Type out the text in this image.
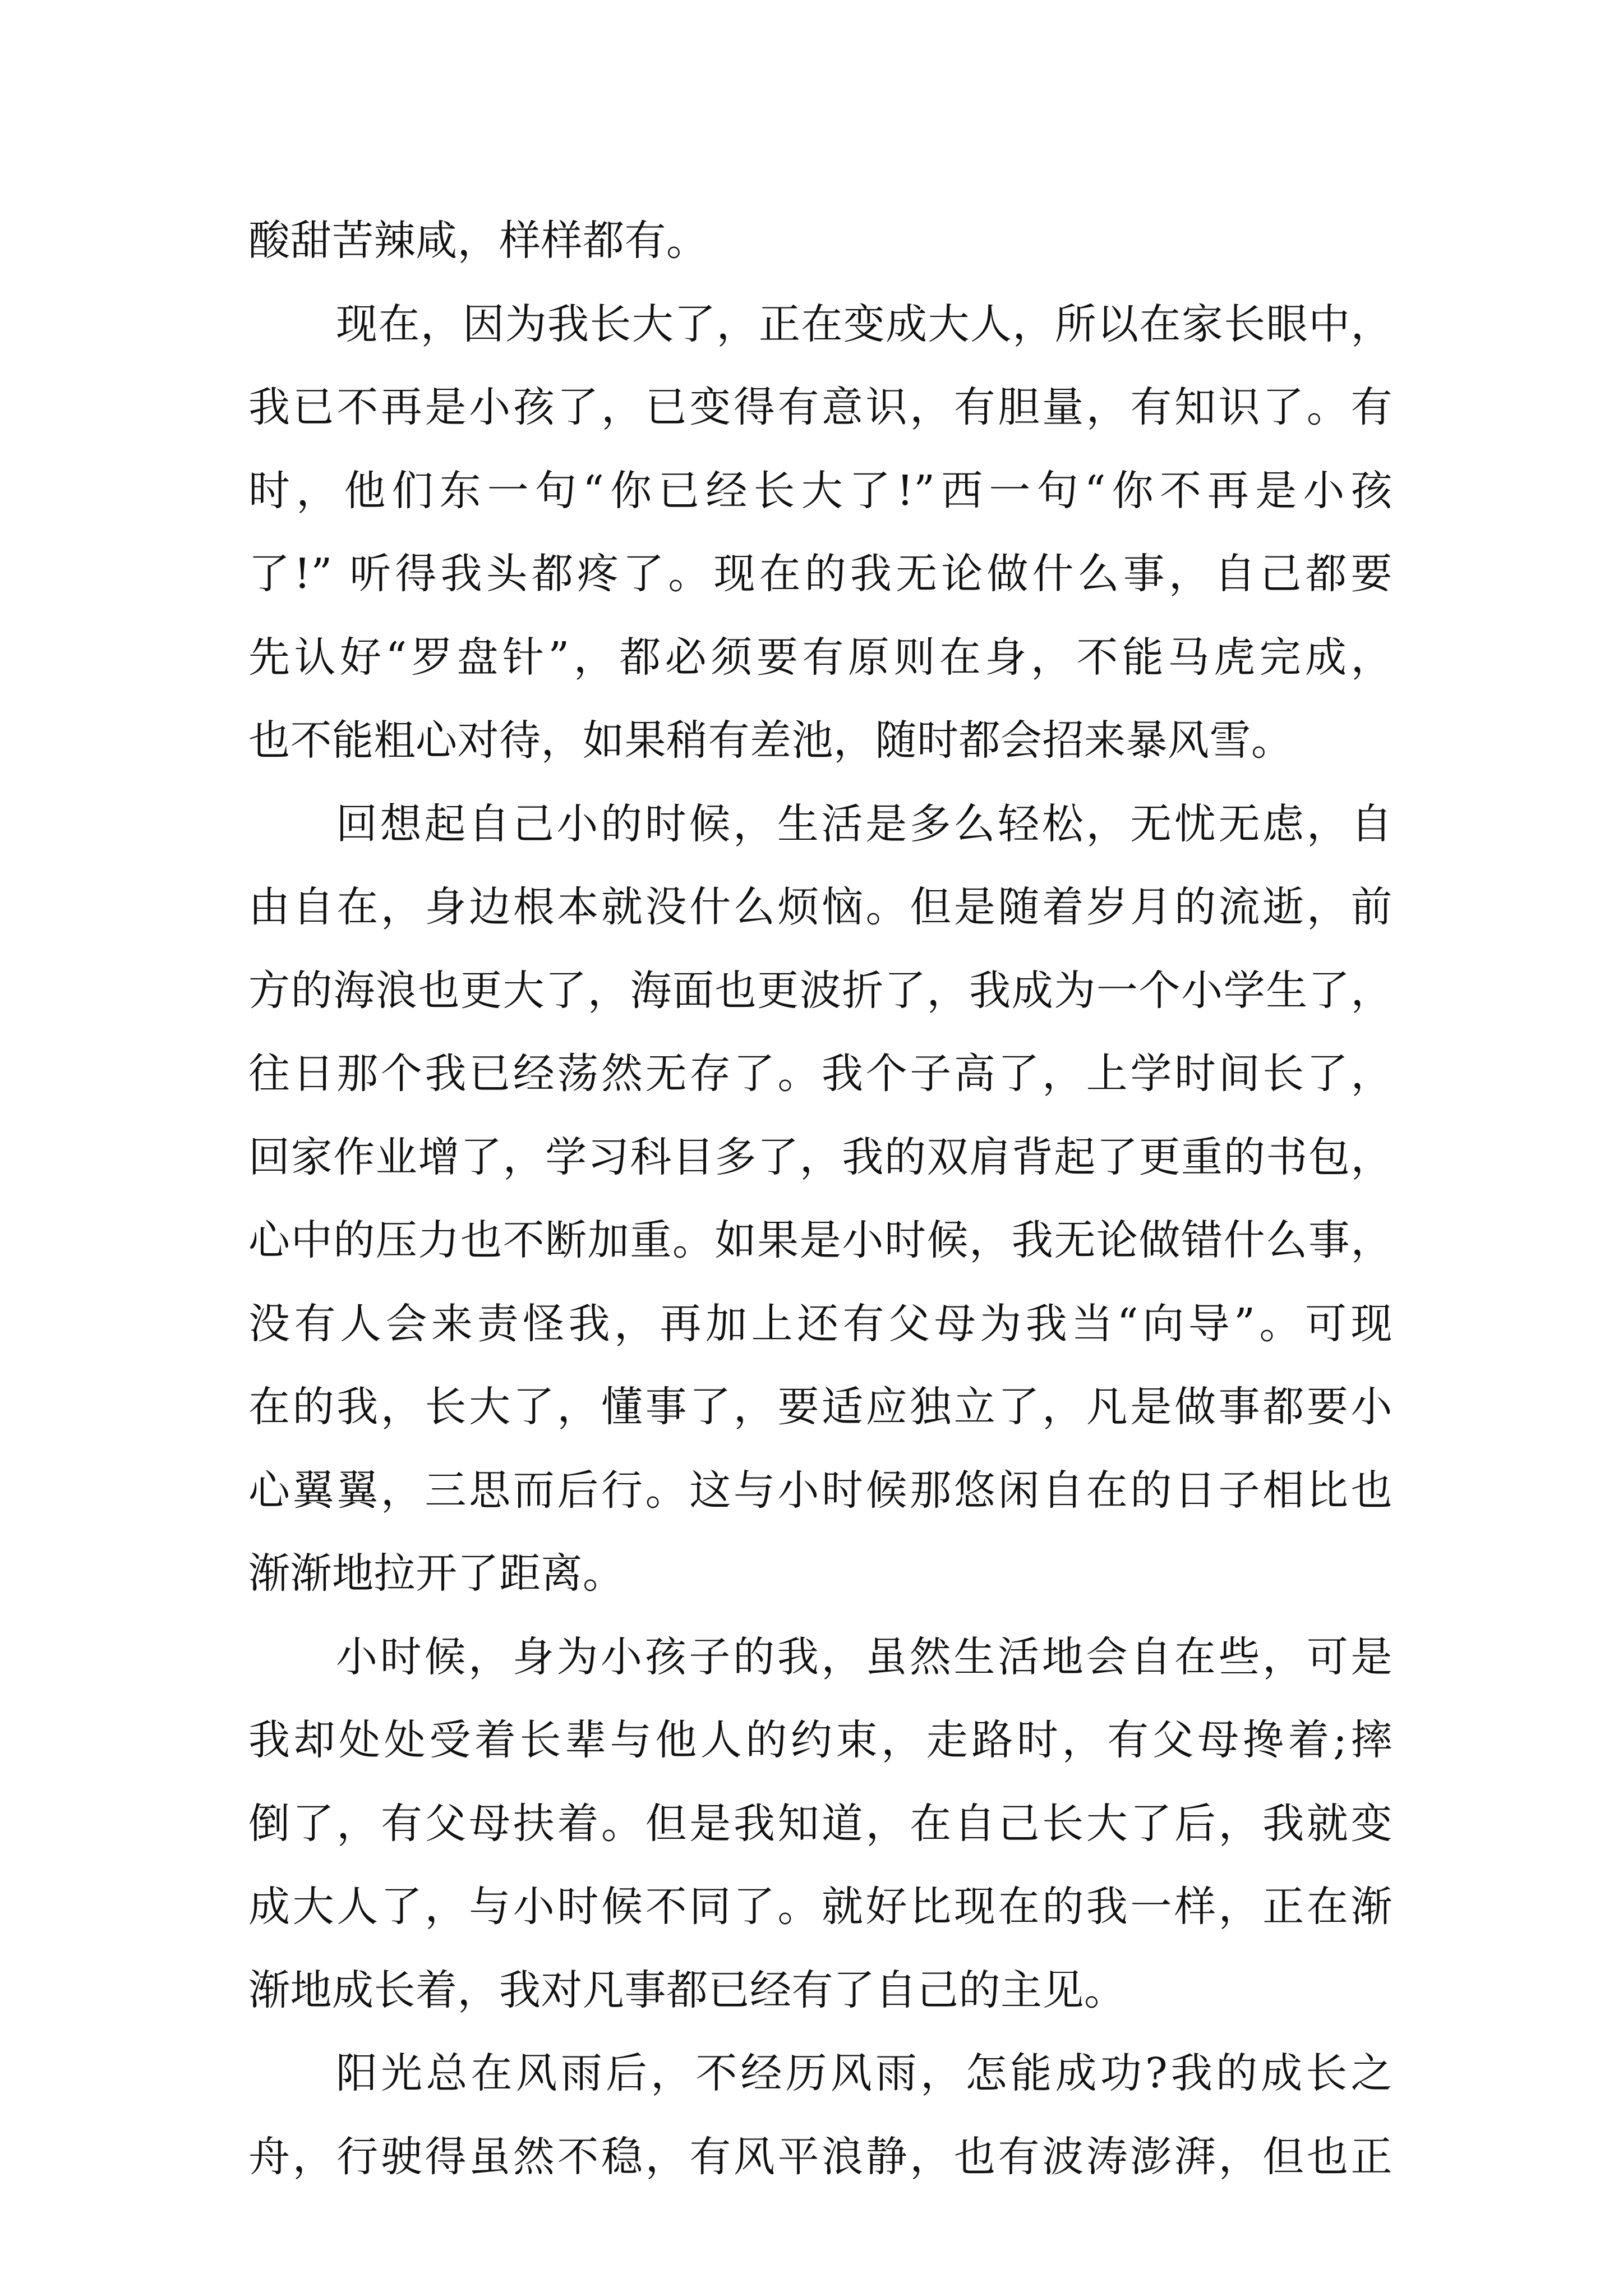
酸甜苦辣咸，样样都有。
现在，因为我长大了，正在变成大人，所以在家长眼中，
我已不再是小孩了，已变得有意识，有胆量，有知识了。有
时，他们东一句“你已经长大了!”西一句“你不再是小孩
了!” 听得我头都疼了。现在的我无论做什么事，自己都要
先认好“罗盘针”，都必须要有原则在身，不能马虎完成，
也不能粗心对待，如果稍有差池，随时都会招来暴风雪。
回想起自己小的时候，生活是多么轻松，无忧无虑，自
由自在，身边根本就没什么烦恼。但是随着岁月的流逝，前
方的海浪也更大了，海面也更波折了，我成为一个小学生了，
往日那个我已经荡然无存了。我个子高了，上学时间长了，
回家作业增了，学习科目多了，我的双肩背起了更重的书包，
心中的压力也不断加重。如果是小时候，我无论做错什么事，
没有人会来责怪我，再加上还有父母为我当“向导”。可现
在的我，长大了，懂事了，要适应独立了，凡是做事都要小
心翼翼，三思而后行。这与小时候那悠闲自在的日子相比也
渐渐地拉开了距离。
小时候，身为小孩子的我，虽然生活地会自在些，可是
我却处处受着长辈与他人的约束，走路时，有父母搀着;摔
倒了，有父母扶着。但是我知道，在自己长大了后，我就变
成大人了，与小时候不同了。就好比现在的我一样，正在渐
渐地成长着，我对凡事都已经有了自己的主见。
阳光总在风雨后，不经历风雨，怎能成功?我的成长之
舟，行驶得虽然不稳，有风平浪静，也有波涛澎湃，但也正
